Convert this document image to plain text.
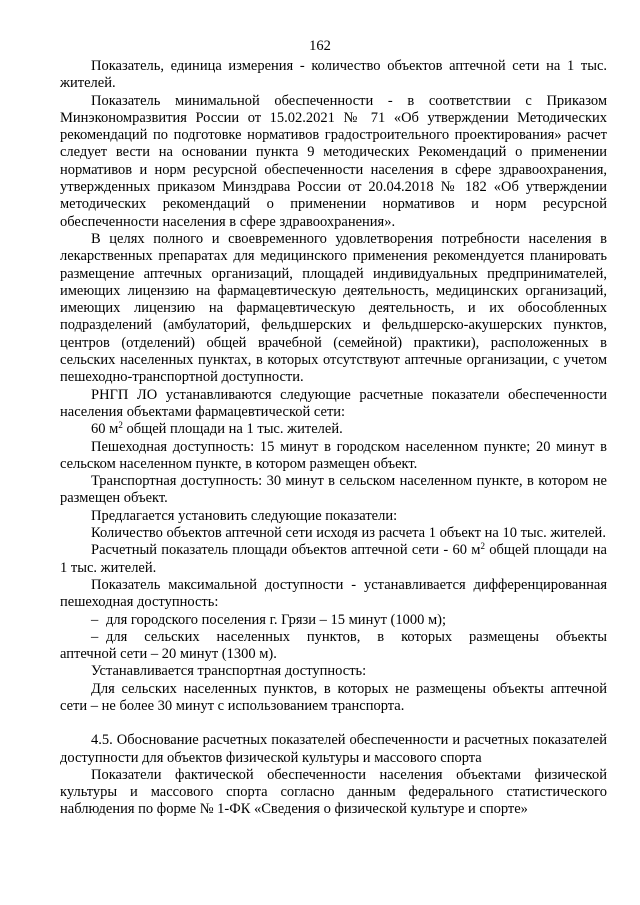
162

Показатель, единица измерения - количество объектов аптечной сети на 1 тыс. жителей.

Показатель минимальной обеспеченности - в соответствии с Приказом Минэкономразвития России от 15.02.2021 № 71 «Об утверждении Методических рекомендаций по подготовке нормативов градостроительного проектирования» расчет следует вести на основании пункта 9 методических Рекомендаций о применении нормативов и норм ресурсной обеспеченности населения в сфере здравоохранения, утвержденных приказом Минздрава России от 20.04.2018 № 182 «Об утверждении методических рекомендаций о применении нормативов и норм ресурсной обеспеченности населения в сфере здравоохранения».

В целях полного и своевременного удовлетворения потребности населения в лекарственных препаратах для медицинского применения рекомендуется планировать размещение аптечных организаций, площадей индивидуальных предпринимателей, имеющих лицензию на фармацевтическую деятельность, медицинских организаций, имеющих лицензию на фармацевтическую деятельность, и их обособленных подразделений (амбулаторий, фельдшерских и фельдшерско-акушерских пунктов, центров (отделений) общей врачебной (семейной) практики), расположенных в сельских населенных пунктах, в которых отсутствуют аптечные организации, с учетом пешеходно-транспортной доступности.

РНГП ЛО устанавливаются следующие расчетные показатели обеспеченности населения объектами фармацевтической сети:

60 $м^2$ общей площади на 1 тыс. жителей.

Пешеходная доступность: 15 минут в городском населенном пункте; 20 минут в сельском населенном пункте, в котором размещен объект.

Транспортная доступность: 30 минут в сельском населенном пункте, в котором не размещен объект.

Предлагается установить следующие показатели:

Количество объектов аптечной сети исходя из расчета 1 объект на 10 тыс. жителей.

Расчетный показатель площади объектов аптечной сети - 60 $м^2$ общей площади на 1 тыс. жителей.

Показатель максимальной доступности - устанавливается дифференцированная пешеходная доступность:

– для городского поселения г. Грязи – 15 минут (1000 м);
– для сельских населенных пунктов, в которых размещены объекты
аптечной сети – 20 минут (1300 м).

Устанавливается транспортная доступность:

Для сельских населенных пунктов, в которых не размещены объекты аптечной сети – не более 30 минут с использованием транспорта.

4.5. Обоснование расчетных показателей обеспеченности и расчетных показателей доступности для объектов физической культуры и массового спорта

Показатели фактической обеспеченности населения объектами физической культуры и массового спорта согласно данным федерального статистического наблюдения по форме № 1-ФК «Сведения о физической культуре и спорте»
